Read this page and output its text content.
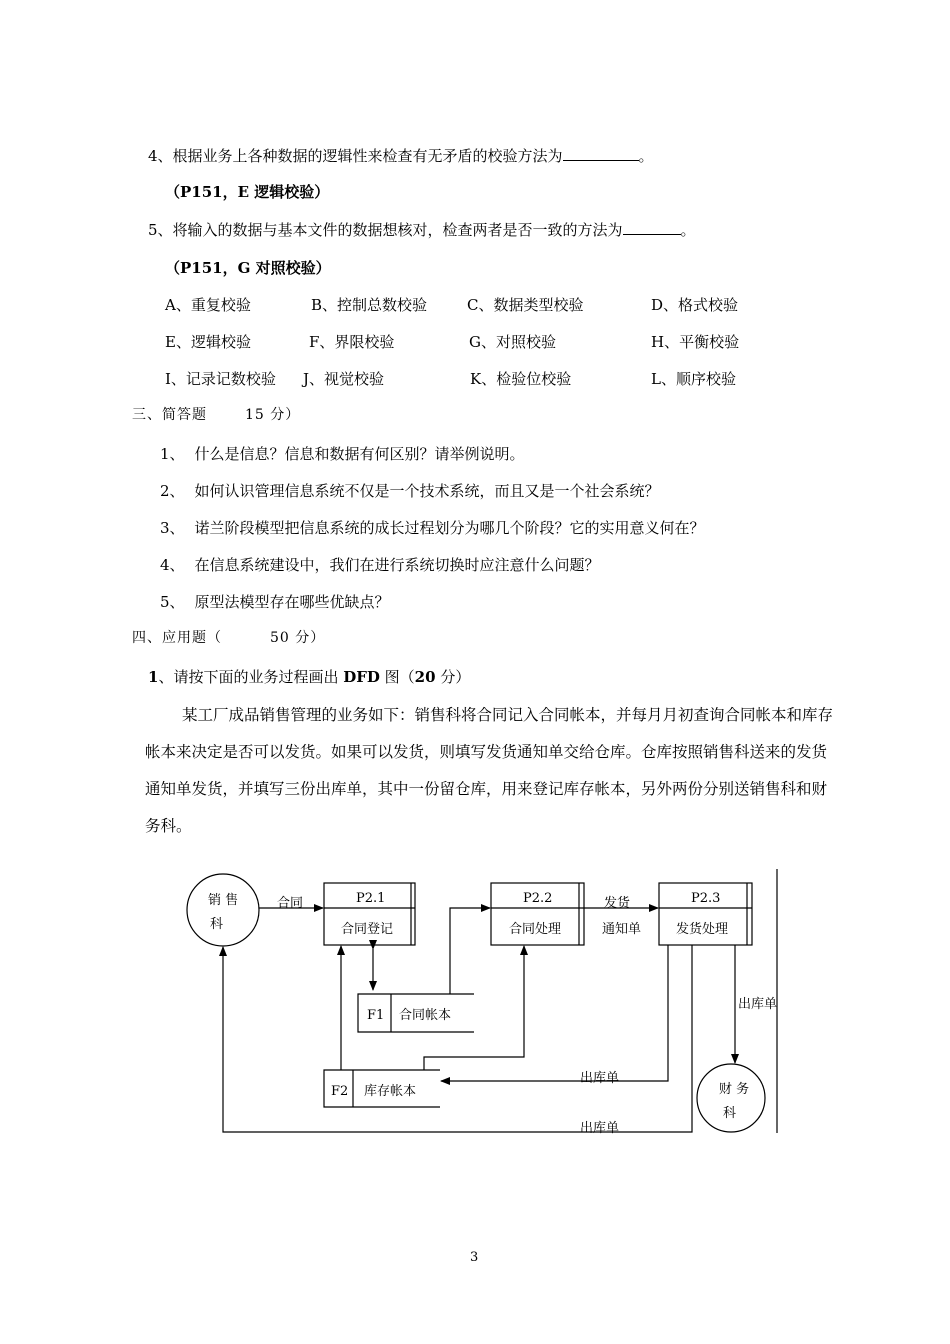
4、根据业务上各种数据的逻辑性来检查有无矛盾的校验方法为	。
（P151，E 逻辑校验）
5、将输入的数据与基本文件的数据想核对，检查两者是否一致的方法为	。
（P151，G 对照校验）
A、重复校验	B、控制总数校验	C、数据类型校验	D、格式校验
E、逻辑校验	F、界限校验	G、对照校验	H、平衡校验
I、记录记数校验 J、视觉校验	K、检验位校验	L、顺序校验
三、简答题	15 分）
1、 什么是信息？信息和数据有何区别？请举例说明。
2、 如何认识管理信息系统不仅是一个技术系统，而且又是一个社会系统？
3、 诺兰阶段模型把信息系统的成长过程划分为哪几个阶段？它的实用意义何在？
4、 在信息系统建设中，我们在进行系统切换时应注意什么问题？
5、 原型法模型存在哪些优缺点？
四、应用题（	50 分）
1、请按下面的业务过程画出 DFD 图（20 分）
某工厂成品销售管理的业务如下：销售科将合同记入合同帐本，并每月月初查询合同帐本和库存帐本来决定是否可以发货。如果可以发货，则填写发货通知单交给仓库。仓库按照销售科送来的发货通知单发货，并填写三份出库单，其中一份留仓库，用来登记库存帐本，另外两份分别送销售科和财务科。
销 售
科
财 务
科
P2.1
合同登记
P2.2
合同处理
P2.3
发货处理
F1 合同帐本
F2 库存帐本
合同	发货
通知单
出库单
出库单
出库单
3
